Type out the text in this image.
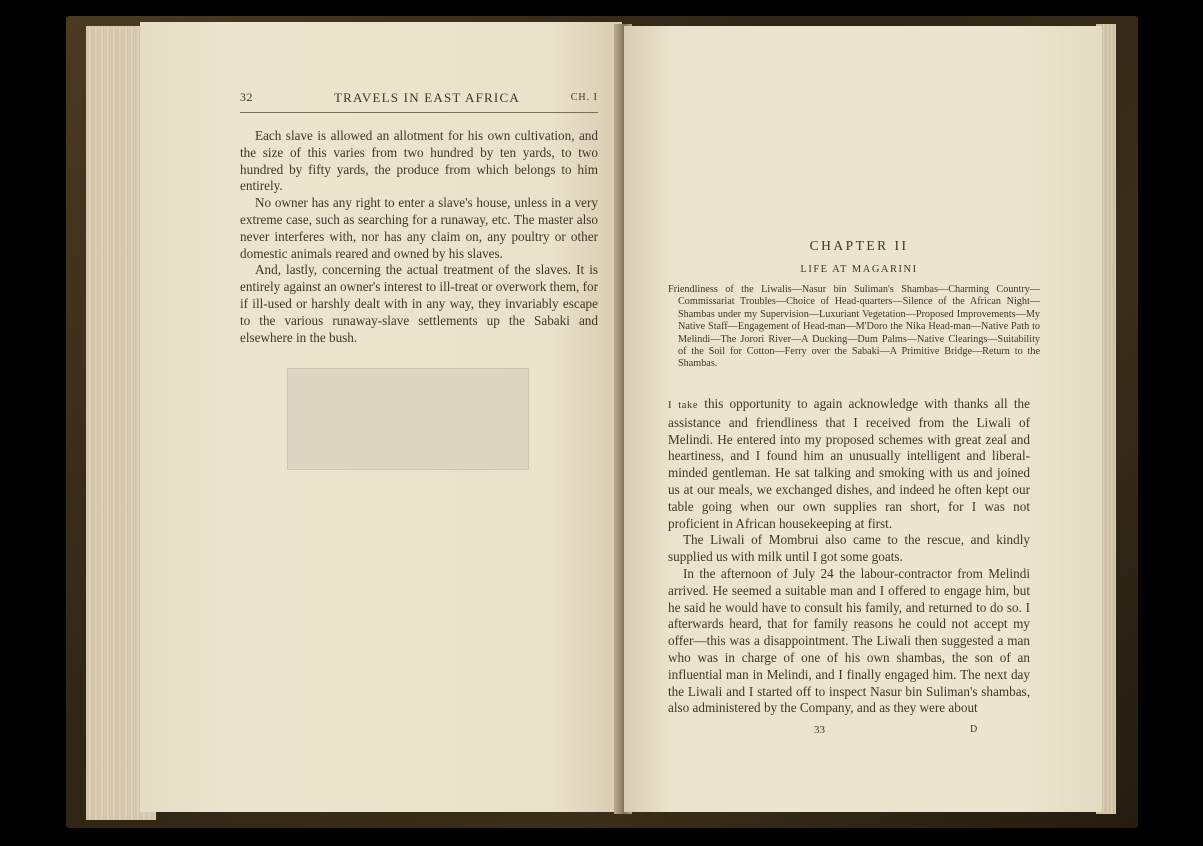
32	TRAVELS IN EAST AFRICA	CH. I

Each slave is allowed an allotment for his own cultivation, and the size of this varies from two hundred by ten yards, to two hundred by fifty yards, the produce from which belongs to him entirely.

No owner has any right to enter a slave's house, unless in a very extreme case, such as searching for a runaway, etc. The master also never interferes with, nor has any claim on, any poultry or other domestic animals reared and owned by his slaves.

And, lastly, concerning the actual treatment of the slaves. It is entirely against an owner's interest to ill-treat or overwork them, for if ill-used or harshly dealt with in any way, they invariably escape to the various runaway-slave settlements up the Sabaki and elsewhere in the bush.

CHAPTER II
LIFE AT MAGARINI
Friendliness of the Liwalis—Nasur bin Suliman's Shambas—Charming Country—Commissariat Troubles—Choice of Head-quarters—Silence of the African Night—Shambas under my Supervision—Luxuriant Vegetation—Proposed Improvements—My Native Staff—Engagement of Head-man—M'Doro the Nika Head-man—Native Path to Melindi—The Jorori River—A Ducking—Dum Palms—Native Clearings—Suitability of the Soil for Cotton—Ferry over the Sabaki—A Primitive Bridge—Return to the Shambas.

I take this opportunity to again acknowledge with thanks all the assistance and friendliness that I received from the Liwali of Melindi. He entered into my proposed schemes with great zeal and heartiness, and I found him an unusually intelligent and liberal-minded gentleman. He sat talking and smoking with us and joined us at our meals, we exchanged dishes, and indeed he often kept our table going when our own supplies ran short, for I was not proficient in African housekeeping at first.

The Liwali of Mombrui also came to the rescue, and kindly supplied us with milk until I got some goats.

In the afternoon of July 24 the labour-contractor from Melindi arrived. He seemed a suitable man and I offered to engage him, but he said he would have to consult his family, and returned to do so. I afterwards heard, that for family reasons he could not accept my offer—this was a disappointment. The Liwali then suggested a man who was in charge of one of his own shambas, the son of an influential man in Melindi, and I finally engaged him. The next day the Liwali and I started off to inspect Nasur bin Suliman's shambas, also administered by the Company, and as they were about

33	D
